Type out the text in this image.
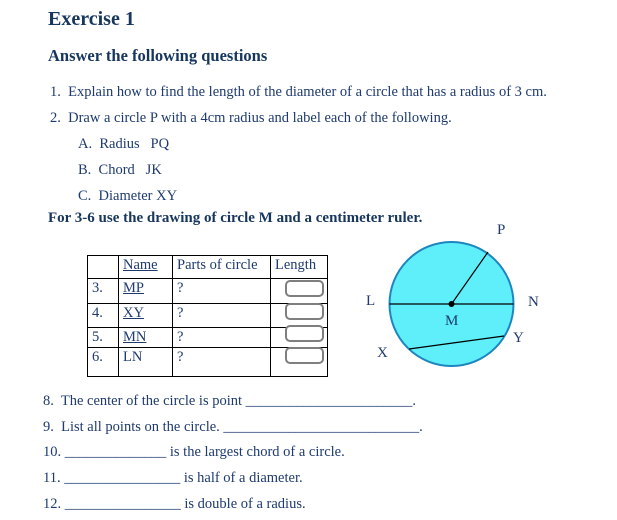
Exercise 1
Answer the following questions
1.  Explain how to find the length of the diameter of a circle that has a radius of 3 cm.
2.  Draw a circle P with a 4cm radius and label each of the following.
A.  Radius   PQ
B.  Chord   JK
C.  Diameter XY
For 3-6 use the drawing of circle M and a centimeter ruler.
	Name	Parts of circle	Length
3.	MP	?	
4.	XY	?	
5.	MN	?	
6.	LN	?	
P
L	N
M
X
Y
8.  The center of the circle is point _______________________.
9.  List all points on the circle. ___________________________.
10. ______________ is the largest chord of a circle.
11. ________________ is half of a diameter.
12. ________________ is double of a radius.
